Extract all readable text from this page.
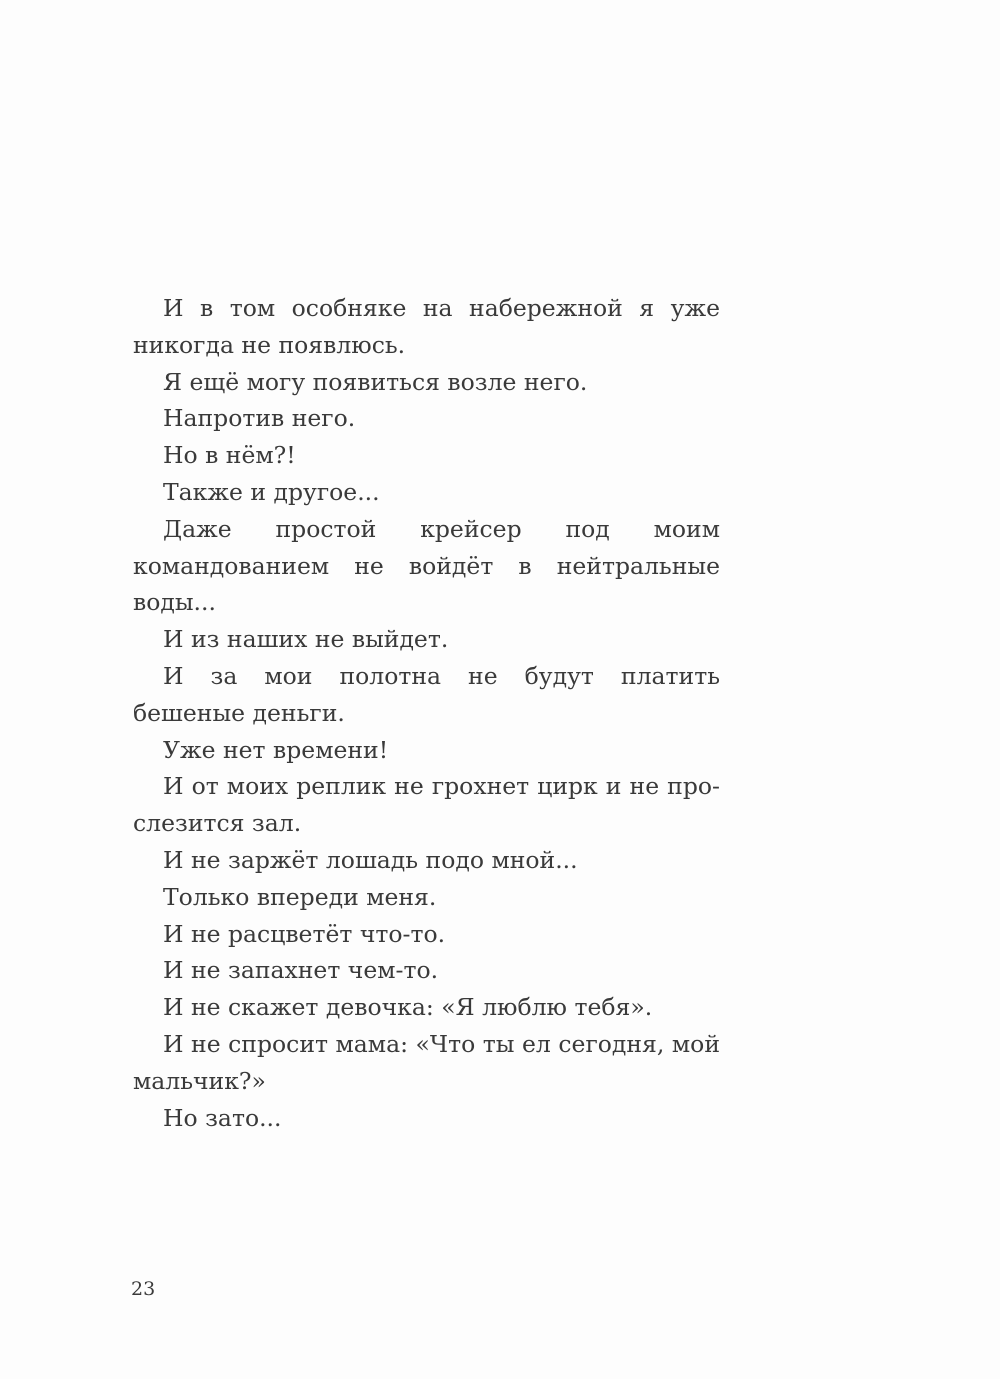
И в том особняке на набережной я уже никогда не появлюсь.

Я ещё могу появиться возле него.

Напротив него.

Но в нём?!

Также и другое...

Даже простой крейсер под моим командованием не войдёт в нейтральные воды...

И из наших не выйдет.

И за мои полотна не будут платить бешеные деньги.

Уже нет времени!

И от моих реплик не грохнет цирк и не прослезится зал.

И не заржёт лошадь подо мной...

Только впереди меня.

И не расцветёт что-то.

И не запахнет чем-то.

И не скажет девочка: «Я люблю тебя».

И не спросит мама: «Что ты ел сегодня, мой мальчик?»

Но зато...

23
